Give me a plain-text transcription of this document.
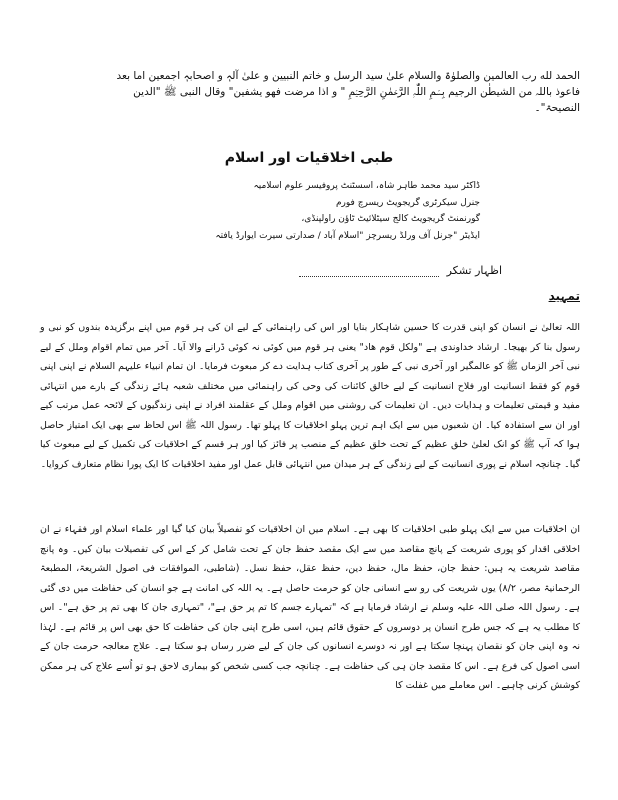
الحمد لله رب العالمین والصلوٰۃ والسلام علیٰ سید الرسل و خاتم النبیین و علیٰ آلہٖ و اصحابہٖ اجمعین اما بعد
فاعوذ باللہ من الشیطٰن الرجیم بِسۡمِ اللّٰہِ الرَّحۡمٰنِ الرَّحِیۡمِ " و اذا مرضت فھو یشفین" وقال النبی ﷺ "الدین
النصیحۃ"۔
طبی اخلاقیات اور اسلام
ڈاکٹر سید محمد طاہر شاہ، اسسٹنٹ پروفیسر علوم اسلامیہ
جنرل سیکرٹری گریجویٹ ریسرچ فورم
گورنمنٹ گریجویٹ کالج سیٹلائیٹ ٹاؤن راولپنڈی،
ایڈیٹر "جرنل آف ورلڈ ریسرچز "اسلام آباد / صدارتی سیرت ایوارڈ یافتہ
اظہار تشکر
تمہید
اللہ تعالیٰ نے انسان کو اپنی قدرت کا حسین شاہکار بنایا اور اس کی راہنمائی کے لیے ان کی ہر قوم میں اپنے برگزیدہ بندوں کو نبی و رسول بنا کر بھیجا۔ ارشاد خداوندی ہے "ولکل قوم ھاد" یعنی ہر قوم میں کوئی نہ کوئی ڈرانے والا آیا۔ آخر میں تمام اقوام وملل کے لیے نبی آخر الزماں ﷺ کو عالمگیر اور آخری نبی کے طور پر آخری کتاب ہدایت دے کر مبعوث فرمایا۔ ان تمام انبیاء علیہم السلام نے اپنی اپنی قوم کو فقط انسانیت اور فلاح انسانیت کے لیے خالق کائنات کی وحی کی راہنمائی میں مختلف شعبہ ہائے زندگی کے بارے میں انتہائی مفید و قیمتی تعلیمات و ہدایات دیں۔ ان تعلیمات کی روشنی میں اقوام وملل کے عقلمند افراد نے اپنی زندگیوں کے لائحہ عمل مرتب کیے اور ان سے استفادہ کیا۔ ان شعبوں میں سے ایک اہم ترین پہلو اخلاقیات کا پہلو تھا۔ رسول اللہ ﷺ اس لحاظ سے بھی ایک امتیاز حاصل ہوا کہ آپ ﷺ کو انک لعلیٰ خلق عظیم کے تحت خلق عظیم کے منصب پر فائز کیا اور ہر قسم کے اخلاقیات کی تکمیل کے لیے مبعوث کیا گیا۔ چنانچہ اسلام نے پوری انسانیت کے لیے زندگی کے ہر میدان میں انتہائی قابل عمل اور مفید اخلاقیات کا ایک پورا نظام متعارف کروایا۔
ان اخلاقیات میں سے ایک پہلو طبی اخلاقیات کا بھی ہے۔ اسلام میں ان اخلاقیات کو تفصیلاً بیان کیا گیا اور علماء اسلام اور فقہاء نے ان اخلاقی اقدار کو پوری شریعت کے پانچ مقاصد میں سے ایک مقصد حفظ جان کے تحت شامل کر کے اس کی تفصیلات بیان کیں۔ وہ پانچ مقاصد شریعت یہ ہیں: حفظ جان، حفظ مال، حفظ دین، حفظ عقل، حفظ نسل۔ (شاطبی، الموافقات فی اصول الشریعۃ، المطبعۃ الرحمانیۃ مصر، ۸/۲) یوں شریعت کی رو سے انسانی جان کو حرمت حاصل ہے۔ یہ اللہ کی امانت ہے جو انسان کی حفاظت میں دی گئی ہے۔ رسول اللہ صلی اللہ علیہ وسلم نے ارشاد فرمایا ہے کہ "تمہارے جسم کا تم پر حق ہے"، "تمہاری جان کا بھی تم پر حق ہے"۔ اس کا مطلب یہ ہے کہ جس طرح انسان پر دوسروں کے حقوق قائم ہیں، اسی طرح اپنی جان کی حفاظت کا حق بھی اس پر قائم ہے۔ لہٰذا نہ وہ اپنی جان کو نقصان پہنچا سکتا ہے اور نہ دوسرے انسانوں کی جان کے لیے ضرر رساں ہو سکتا ہے۔ علاج معالجہ حرمت جان کے اسی اصول کی فرع ہے۔ اس کا مقصد جان ہی کی حفاظت ہے۔ چنانچہ جب کسی شخص کو بیماری لاحق ہو تو اُسے علاج کی ہر ممکن کوشش کرنی چاہیے۔ اس معاملے میں غفلت کا
